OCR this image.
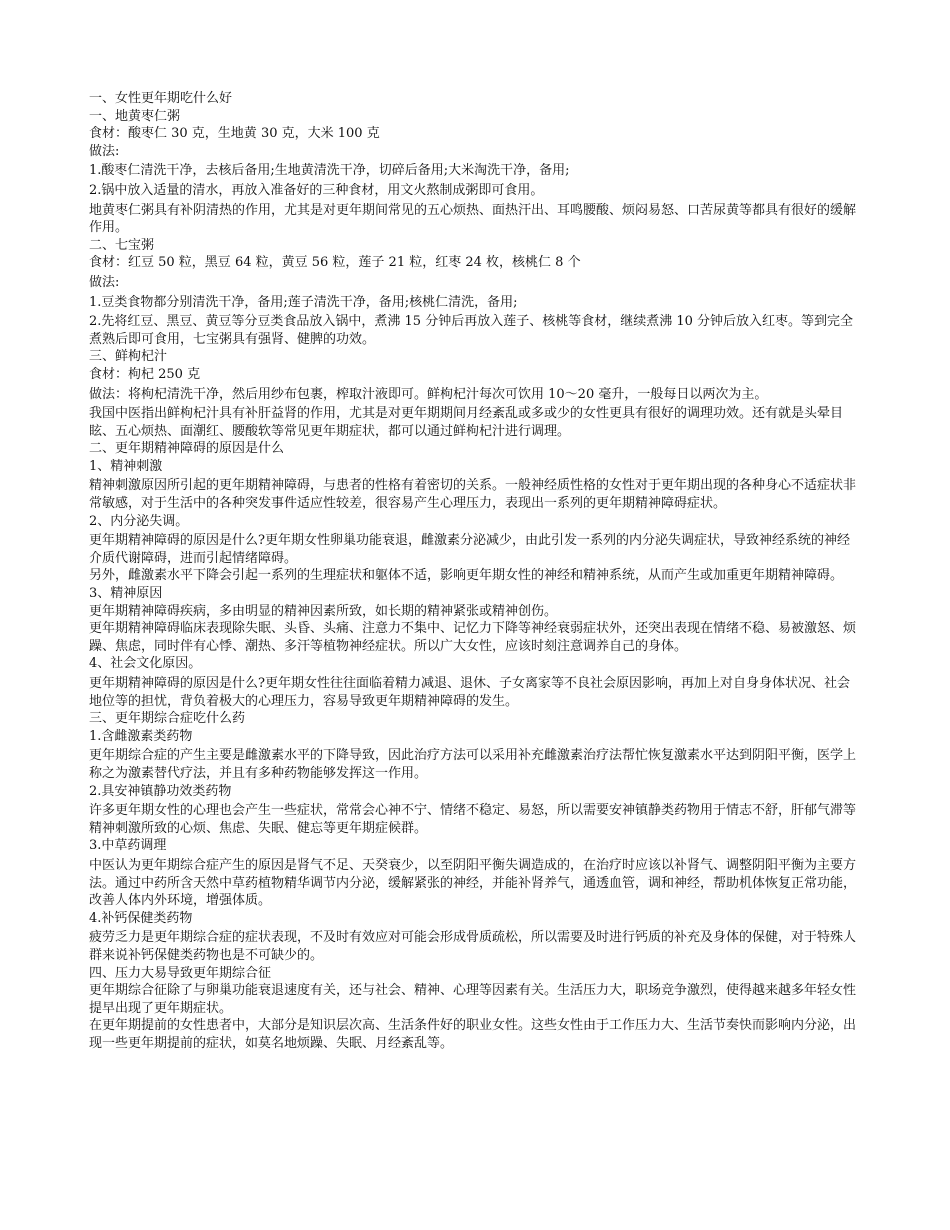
一、女性更年期吃什么好

一、地黄枣仁粥

食材：酸枣仁 30 克，生地黄 30 克，大米 100 克

做法:

1.酸枣仁清洗干净，去核后备用;生地黄清洗干净，切碎后备用;大米淘洗干净，备用;

2.锅中放入适量的清水，再放入准备好的三种食材，用文火熬制成粥即可食用。

地黄枣仁粥具有补阴清热的作用，尤其是对更年期间常见的五心烦热、面热汗出、耳鸣腰酸、烦闷易怒、口苦尿黄等都具有很好的缓解作用。

二、七宝粥

食材：红豆 50 粒，黑豆 64 粒，黄豆 56 粒，莲子 21 粒，红枣 24 枚，核桃仁 8 个

做法:

1.豆类食物都分别清洗干净，备用;莲子清洗干净，备用;核桃仁清洗，备用;

2.先将红豆、黑豆、黄豆等分豆类食品放入锅中，煮沸 15 分钟后再放入莲子、核桃等食材，继续煮沸 10 分钟后放入红枣。等到完全煮熟后即可食用，七宝粥具有强肾、健脾的功效。

三、鲜枸杞汁

食材：枸杞 250 克

做法：将枸杞清洗干净，然后用纱布包裹，榨取汁液即可。鲜枸杞汁每次可饮用 10～20 毫升，一般每日以两次为主。

我国中医指出鲜枸杞汁具有补肝益肾的作用，尤其是对更年期期间月经紊乱或多或少的女性更具有很好的调理功效。还有就是头晕目眩、五心烦热、面潮红、腰酸软等常见更年期症状，都可以通过鲜枸杞汁进行调理。

二、更年期精神障碍的原因是什么

1、精神刺激

精神刺激原因所引起的更年期精神障碍，与患者的性格有着密切的关系。一般神经质性格的女性对于更年期出现的各种身心不适症状非常敏感，对于生活中的各种突发事件适应性较差，很容易产生心理压力，表现出一系列的更年期精神障碍症状。

2、内分泌失调。

更年期精神障碍的原因是什么?更年期女性卵巢功能衰退，雌激素分泌减少，由此引发一系列的内分泌失调症状，导致神经系统的神经介质代谢障碍，进而引起情绪障碍。

另外，雌激素水平下降会引起一系列的生理症状和躯体不适，影响更年期女性的神经和精神系统，从而产生或加重更年期精神障碍。

3、精神原因

更年期精神障碍疾病，多由明显的精神因素所致，如长期的精神紧张或精神创伤。

更年期精神障碍临床表现除失眠、头昏、头痛、注意力不集中、记忆力下降等神经衰弱症状外，还突出表现在情绪不稳、易被激怒、烦躁、焦虑，同时伴有心悸、潮热、多汗等植物神经症状。所以广大女性，应该时刻注意调养自己的身体。

4、社会文化原因。

更年期精神障碍的原因是什么?更年期女性往往面临着精力减退、退休、子女离家等不良社会原因影响，再加上对自身身体状况、社会地位等的担忧，背负着极大的心理压力，容易导致更年期精神障碍的发生。

三、更年期综合症吃什么药

1.含雌激素类药物

更年期综合症的产生主要是雌激素水平的下降导致，因此治疗方法可以采用补充雌激素治疗法帮忙恢复激素水平达到阴阳平衡，医学上称之为激素替代疗法，并且有多种药物能够发挥这一作用。

2.具安神镇静功效类药物

许多更年期女性的心理也会产生一些症状，常常会心神不宁、情绪不稳定、易怒，所以需要安神镇静类药物用于情志不舒，肝郁气滞等精神刺激所致的心烦、焦虑、失眠、健忘等更年期症候群。

3.中草药调理

中医认为更年期综合症产生的原因是肾气不足、天癸衰少，以至阴阳平衡失调造成的，在治疗时应该以补肾气、调整阴阳平衡为主要方法。通过中药所含天然中草药植物精华调节内分泌，缓解紧张的神经，并能补肾养气，通透血管，调和神经，帮助机体恢复正常功能，改善人体内外环境，增强体质。

4.补钙保健类药物

疲劳乏力是更年期综合症的症状表现，不及时有效应对可能会形成骨质疏松，所以需要及时进行钙质的补充及身体的保健，对于特殊人群来说补钙保健类药物也是不可缺少的。

四、压力大易导致更年期综合征

更年期综合征除了与卵巢功能衰退速度有关，还与社会、精神、心理等因素有关。生活压力大，职场竞争激烈，使得越来越多年轻女性提早出现了更年期症状。

在更年期提前的女性患者中，大部分是知识层次高、生活条件好的职业女性。这些女性由于工作压力大、生活节奏快而影响内分泌，出现一些更年期提前的症状，如莫名地烦躁、失眠、月经紊乱等。
